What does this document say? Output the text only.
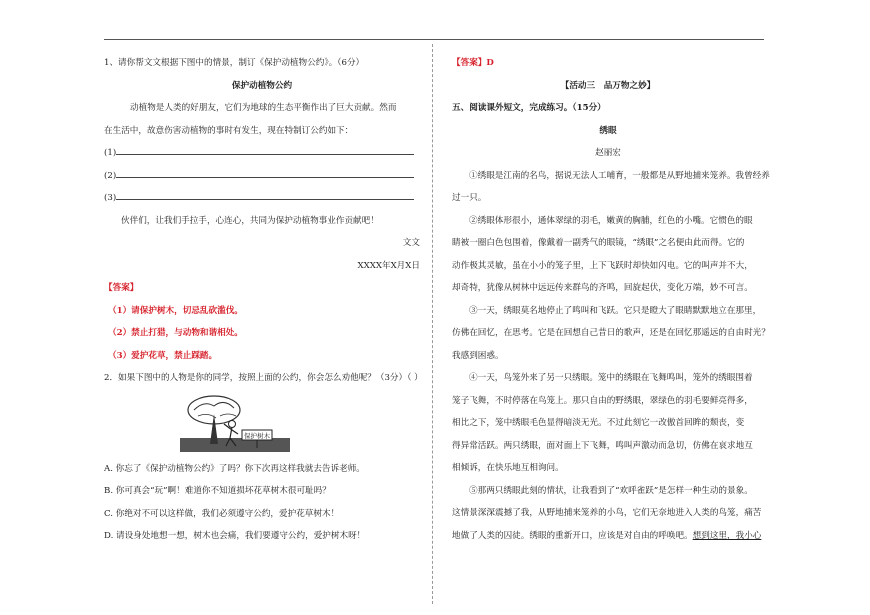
1、请你帮文文根据下图中的情景，制订《保护动植物公约》。（6分）
保护动植物公约
动植物是人类的好朋友，它们为地球的生态平衡作出了巨大贡献。然而
在生活中，故意伤害动植物的事时有发生，现在特制订公约如下：
(1)
(2)
(3)
伙伴们，让我们手拉手，心连心，共同为保护动植物事业作贡献吧！
文文
XXXX年X月X日
【答案】
（1）请保护树木，切忌乱砍滥伐。
（2）禁止打猎，与动物和谐相处。
（3）爱护花草，禁止踩踏。
2．如果下图中的人物是你的同学，按照上面的公约，你会怎么劝他呢？（3分）（ ）
保护树木
A. 你忘了《保护动植物公约》了吗？你下次再这样我就去告诉老师。
B. 你可真会“玩”啊！难道你不知道损坏花草树木很可耻吗？
C. 你绝对不可以这样做，我们必须遵守公约，爱护花草树木！
D. 请设身处地想一想，树木也会痛，我们要遵守公约，爱护树木呀！
【答案】D
【活动三　品万物之妙】
五、阅读课外短文，完成练习。（15分）
绣眼
赵丽宏
①绣眼是江南的名鸟，据说无法人工哺育，一般都是从野地捕来笼养。我曾经养
过一只。
②绣眼体形很小，通体翠绿的羽毛，嫩黄的胸脯，红色的小嘴。它惯色的眼
睛被一圈白色包围着，像戴着一副秀气的眼镜，“绣眼”之名便由此而得。它的
动作极其灵敏，虽在小小的笼子里，上下飞跃时却快如闪电。它的叫声并不大，
却奇特，犹像从树林中远远传来群鸟的齐鸣，回旋起伏，变化万端，妙不可言。
③一天，绣眼莫名地停止了鸣叫和飞跃。它只是瞪大了眼睛默默地立在那里，
仿佛在回忆，在思考。它是在回想自己昔日的歌声，还是在回忆那遥远的自由时光？
我感到困惑。
④一天，鸟笼外来了另一只绣眼。笼中的绣眼在飞舞鸣叫，笼外的绣眼围着
笼子飞舞，不时停落在鸟笼上。那只自由的野绣眼，翠绿色的羽毛要鲜亮得多，
相比之下，笼中绣眼毛色显得暗淡无光。不过此刻它一改傲首回眸的颓丧，变
得异常活跃。两只绣眼，面对面上下飞舞，鸣叫声激动而急切，仿佛在哀求地互
相倾诉，在快乐地互相询问。
⑤那两只绣眼此刻的情状，让我看到了“欢呼雀跃”是怎样一种生动的景象。
这情景深深震撼了我，从野地捕来笼养的小鸟，它们无奈地进入人类的鸟笼，痛苦
地做了人类的囚徒。绣眼的重新开口，应该是对自由的呼唤吧。想到这里，我小心
